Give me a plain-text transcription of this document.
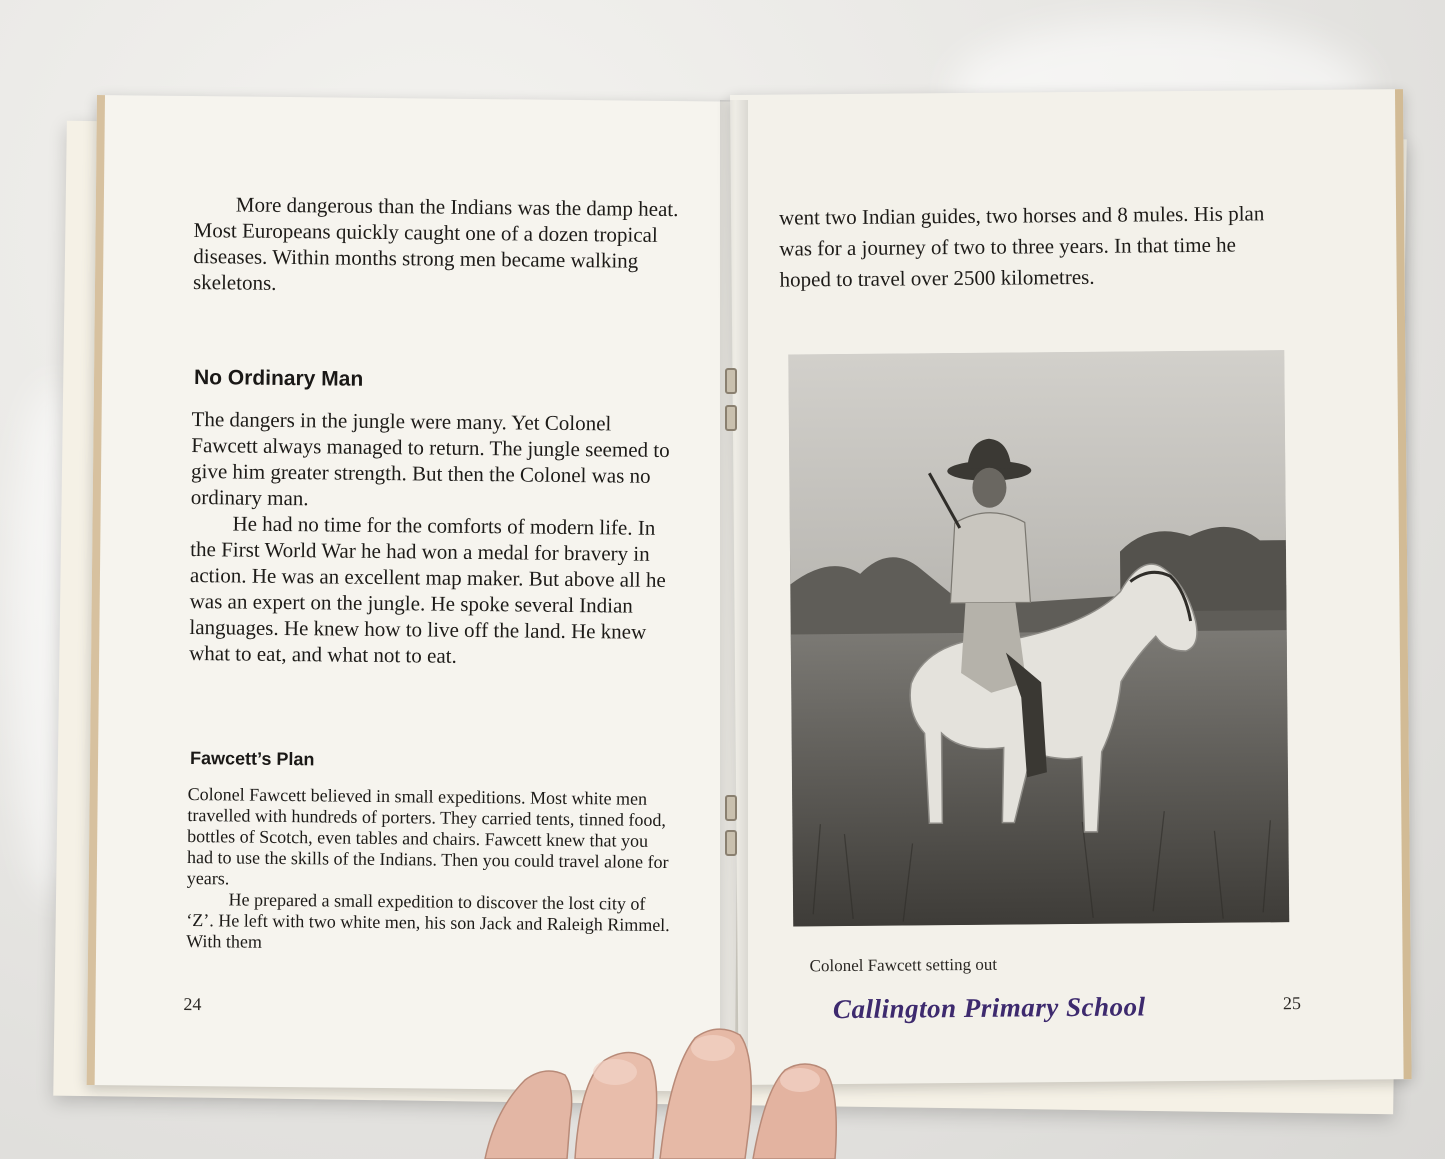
More dangerous than the Indians was the damp heat. Most Europeans quickly caught one of a dozen tropical diseases. Within months strong men became walking skeletons.

No Ordinary Man

The dangers in the jungle were many. Yet Colonel Fawcett always managed to return. The jungle seemed to give him greater strength. But then the Colonel was no ordinary man.

He had no time for the comforts of modern life. In the First World War he had won a medal for bravery in action. He was an excellent map maker. But above all he was an expert on the jungle. He spoke several Indian languages. He knew how to live off the land. He knew what to eat, and what not to eat.

Fawcett’s Plan

Colonel Fawcett believed in small expeditions. Most white men travelled with hundreds of porters. They carried tents, tinned food, bottles of Scotch, even tables and chairs. Fawcett knew that you had to use the skills of the Indians. Then you could travel alone for years.

He prepared a small expedition to discover the lost city of ‘Z’. He left with two white men, his son Jack and Raleigh Rimmel. With them

24

went two Indian guides, two horses and 8 mules. His plan was for a journey of two to three years. In that time he hoped to travel over 2500 kilometres.

Colonel Fawcett setting out
Callington Primary School	25
